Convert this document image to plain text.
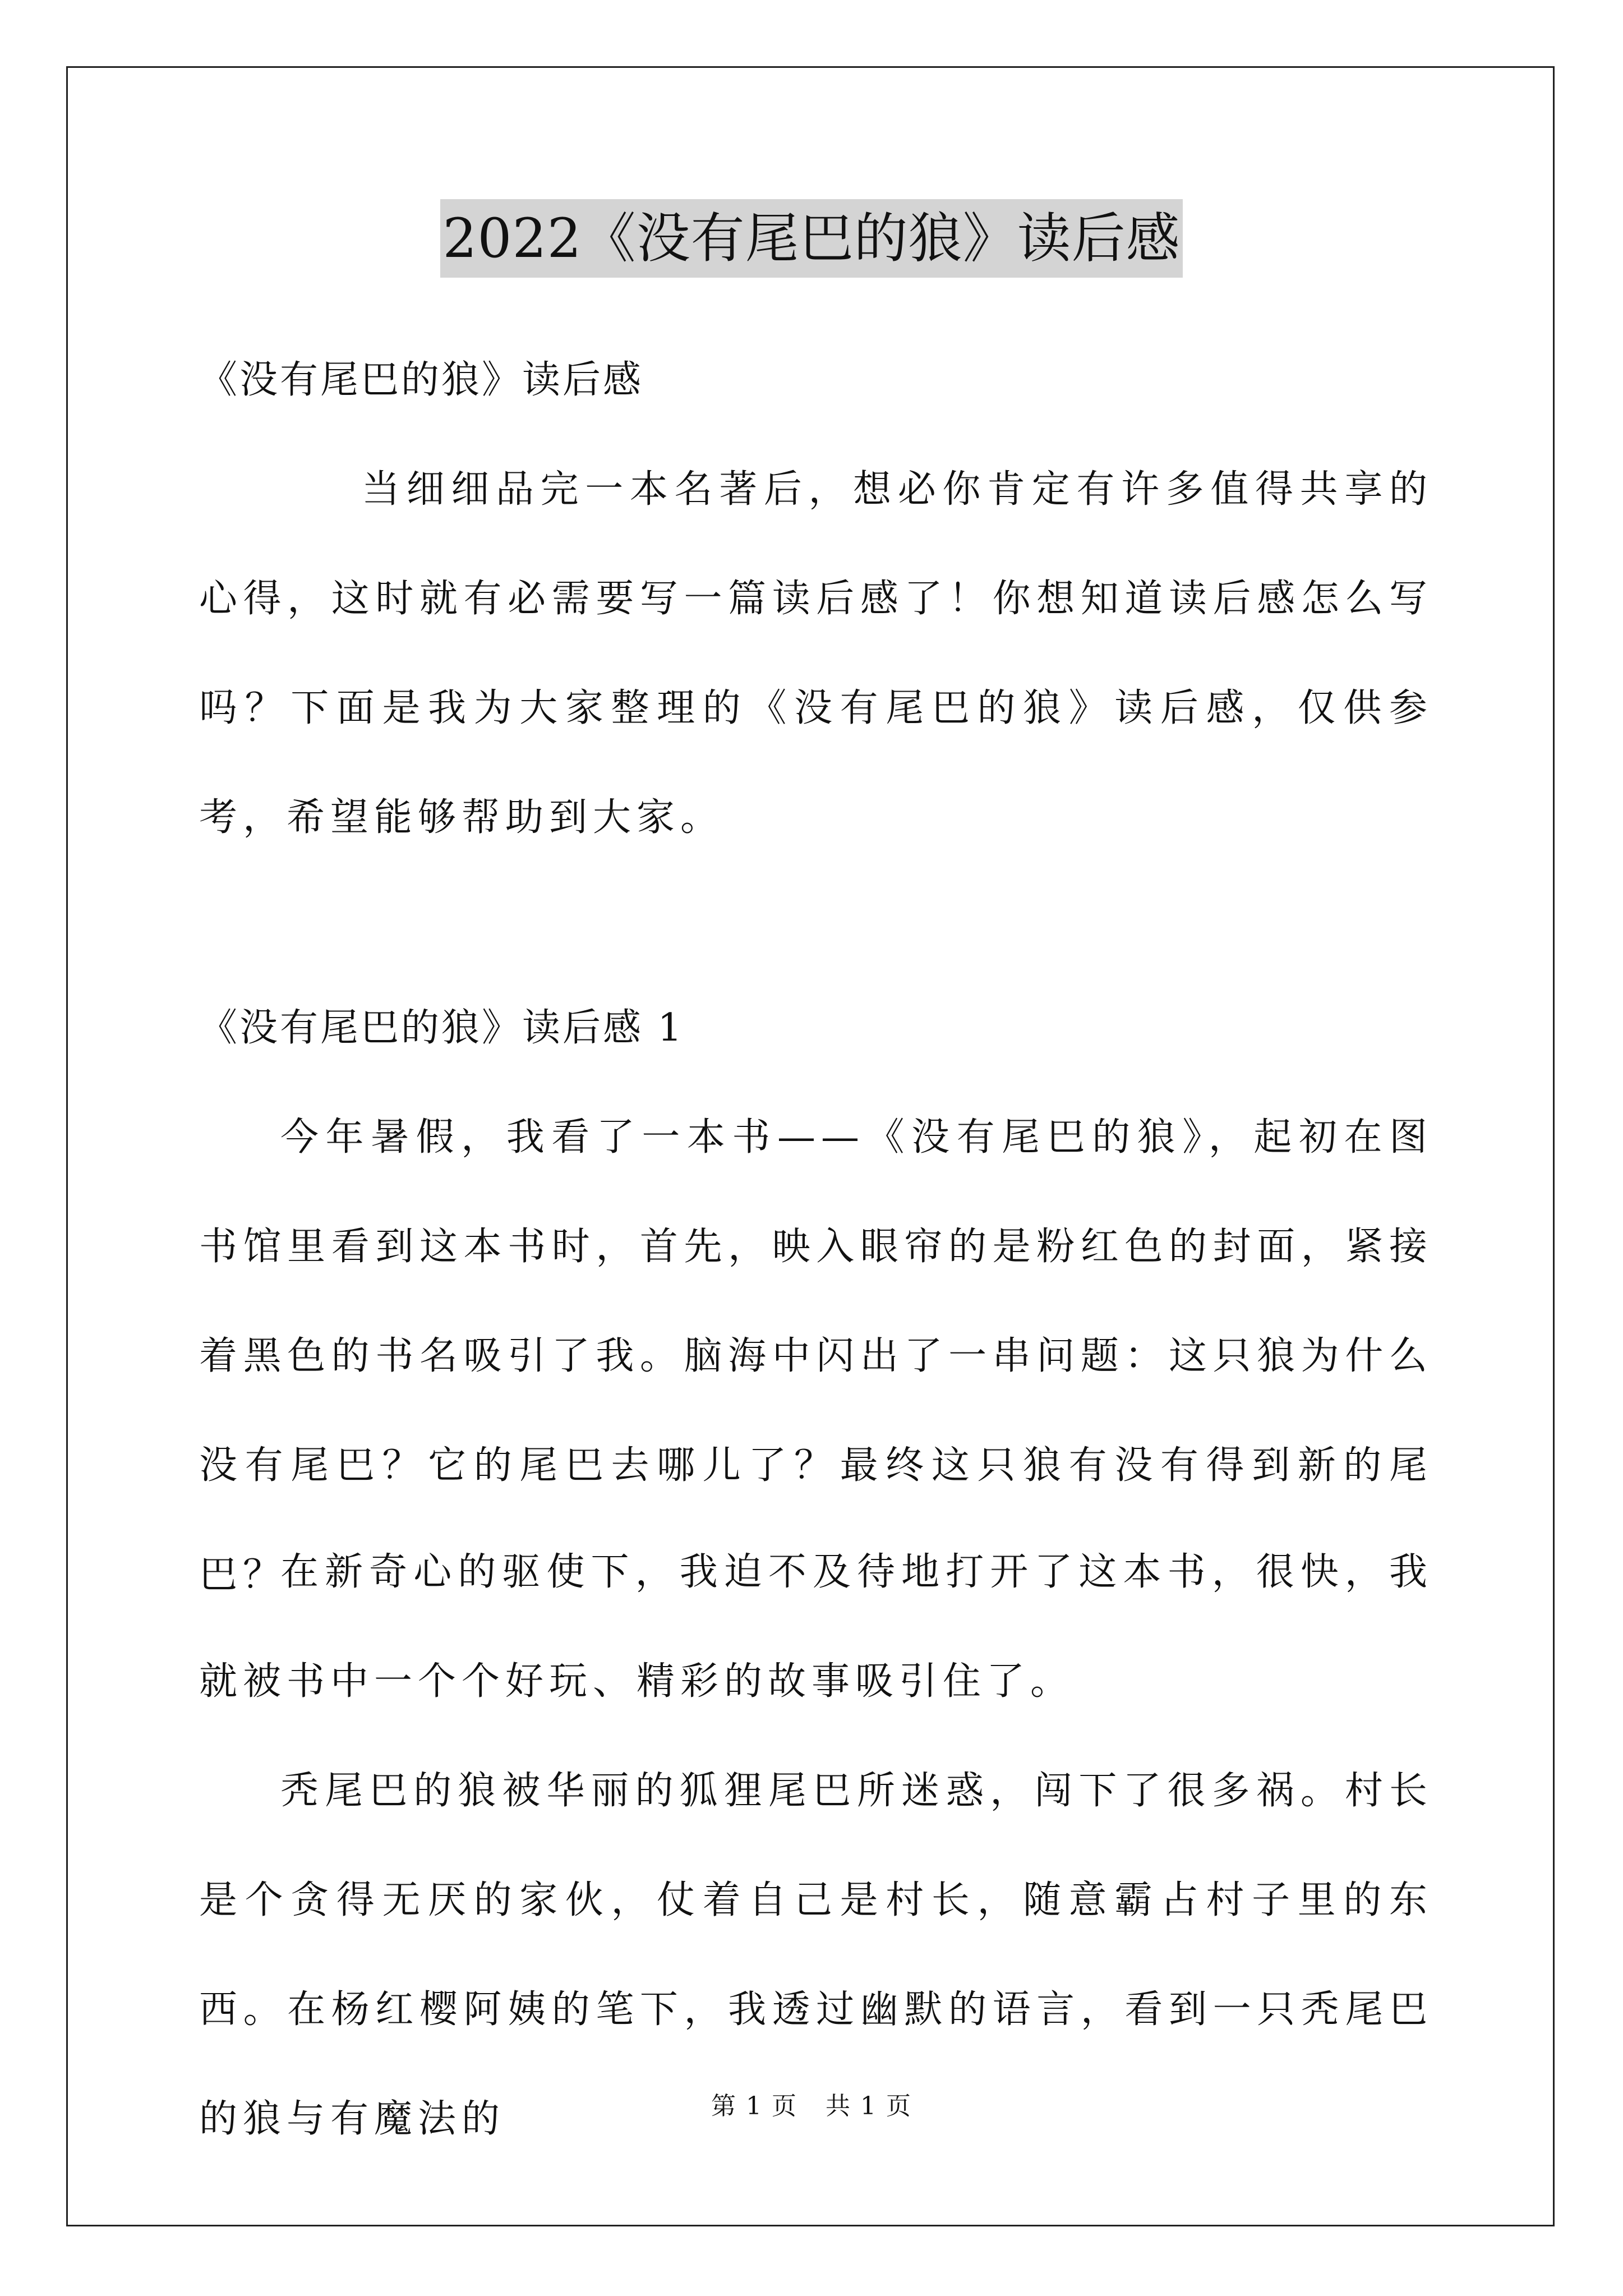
2022《没有尾巴的狼》读后感

《没有尾巴的狼》读后感

当细细品完一本名著后，想必你肯定有许多值得共享的心得，这时就有必需要写一篇读后感了！你想知道读后感怎么写吗？下面是我为大家整理的《没有尾巴的狼》读后感，仅供参考，希望能够帮助到大家。

《没有尾巴的狼》读后感 1

今年暑假，我看了一本书——《没有尾巴的狼》，起初在图书馆里看到这本书时，首先，映入眼帘的是粉红色的封面，紧接着黑色的书名吸引了我。脑海中闪出了一串问题：这只狼为什么没有尾巴？它的尾巴去哪儿了？最终这只狼有没有得到新的尾巴？

在新奇心的驱使下，我迫不及待地打开了这本书，很快，我就被书中一个个好玩、精彩的故事吸引住了。

秃尾巴的狼被华丽的狐狸尾巴所迷惑，闯下了很多祸。村长是个贪得无厌的家伙，仗着自己是村长，随意霸占村子里的东西。在杨红樱阿姨的笔下，我透过幽默的语言，看到一只秃尾巴的狼与有魔法的	第 1 页 共 1 页
